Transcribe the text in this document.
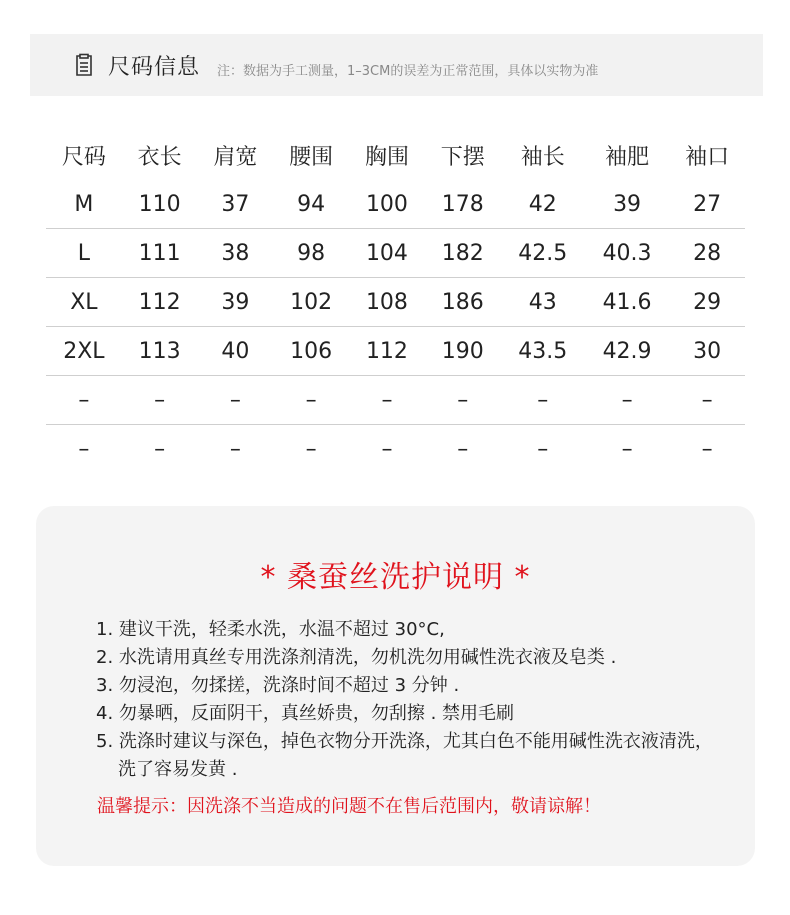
尺码信息 注：数据为手工测量，1–3CM的误差为正常范围，具体以实物为准
尺码	衣长	肩宽	腰围	胸围	下摆	袖长	袖肥	袖口
M	110	37	94	100	178	42	39	27
L	111	38	98	104	182	42.5	40.3	28
XL	112	39	102	108	186	43	41.6	29
2XL	113	40	106	112	190	43.5	42.9	30
–	–	–	–	–	–	–	–	–
–	–	–	–	–	–	–	–	–
* 桑蚕丝洗护说明 *
1. 建议干洗，轻柔水洗，水温不超过 30°C,
2. 水洗请用真丝专用洗涤剂清洗，勿机洗勿用碱性洗衣液及皂类 .
3. 勿浸泡，勿揉搓，洗涤时间不超过 3 分钟 .
4. 勿暴晒，反面阴干，真丝娇贵，勿刮擦 . 禁用毛刷
5. 洗涤时建议与深色，掉色衣物分开洗涤，尤其白色不能用碱性洗衣液清洗，洗了容易发黄 .
温馨提示：因洗涤不当造成的问题不在售后范围内，敬请谅解！
